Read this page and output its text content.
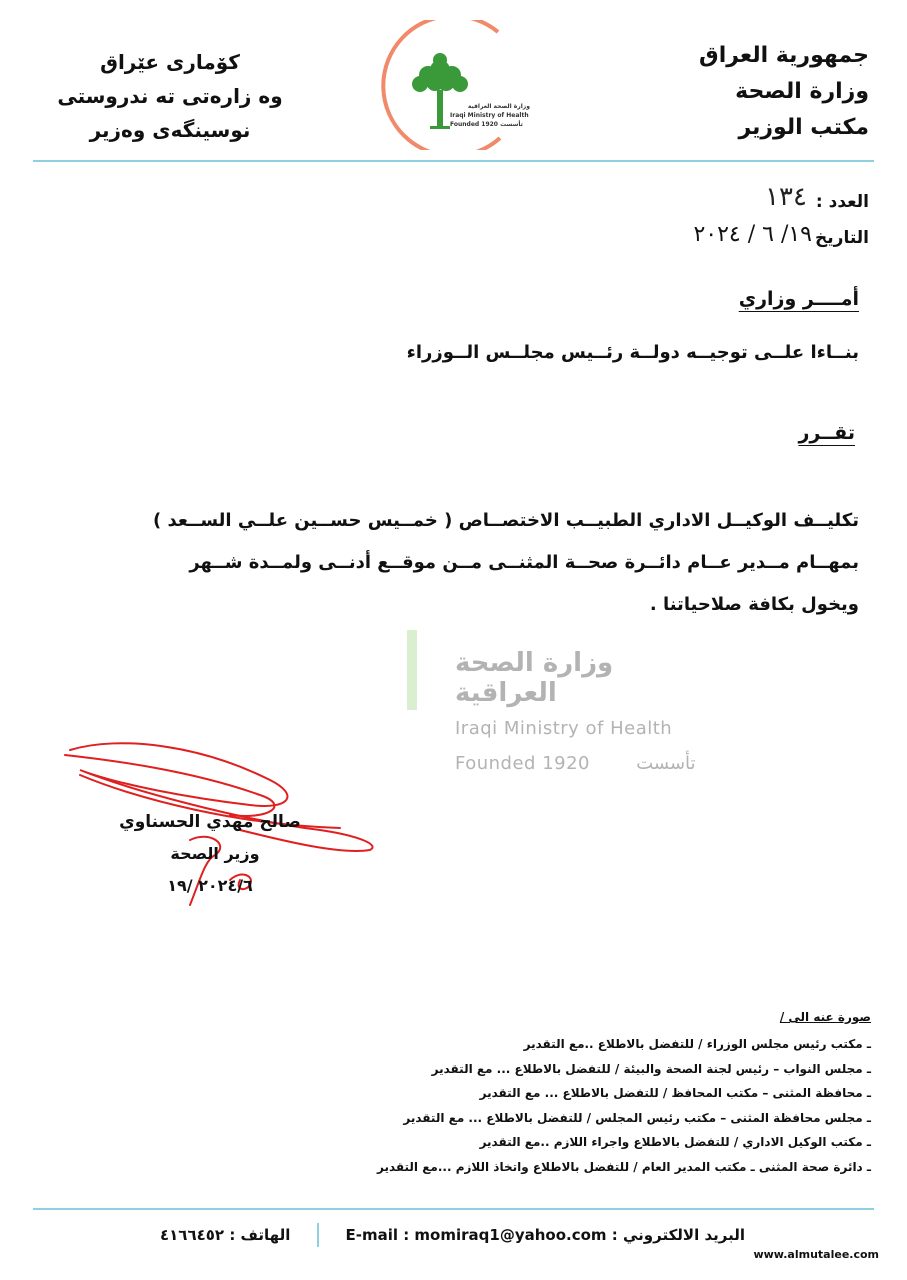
جمهورية العراق
وزارة الصحة
مكتب الوزير
کۆماری عێراق
وه زارەتی ته ندروستی
نوسینگەی وەزیر
وزارة الصحة العراقية
Iraqi Ministry of Health
Founded 1920 تأسست
العدد :
١٣٤
التاريخ
١٩/ ٦ / ٢٠٢٤
أمــــر وزاري
بنــاءا علــى توجيــه دولــة رئــيس مجلــس الــوزراء
تقــرر
تكليــف الوكيــل الاداري الطبيــب الاختصــاص ( خمــيس حســين علــي الســعد )
بمهــام مــدير عــام دائــرة صحــة المثنــى مــن موقــع أدنــى ولمــدة شــهر
ويخول بكافة صلاحياتنا .
وزارة الصحة العراقية
Iraqi Ministry of Health
Founded 1920	تأسست
صالح مهدي الحسناوي
وزير الصحة
٢٠٢٤/٦ /١٩
صورة عنه الى /
ـ مكتب رئيس مجلس الوزراء / للتفضل بالاطلاع ..مع التقدير
ـ مجلس النواب – رئيس لجنة الصحة والبيئة / للتفضل بالاطلاع ... مع التقدير
ـ محافظة المثنى – مكتب المحافظ / للتفضل بالاطلاع ... مع التقدير
ـ مجلس محافظة المثنى – مكتب رئيس المجلس / للتفضل بالاطلاع ... مع التقدير
ـ مكتب الوكيل الاداري / للتفضل بالاطلاع واجراء اللازم ..مع التقدير
ـ دائرة صحة المثنى ـ مكتب المدير العام / للتفضل بالاطلاع واتخاذ اللازم ...مع التقدير
الهاتف : ٤١٦٦٤٥٢	البريد الالكتروني : E-mail : momiraq1@yahoo.com
www.almutalee.com
